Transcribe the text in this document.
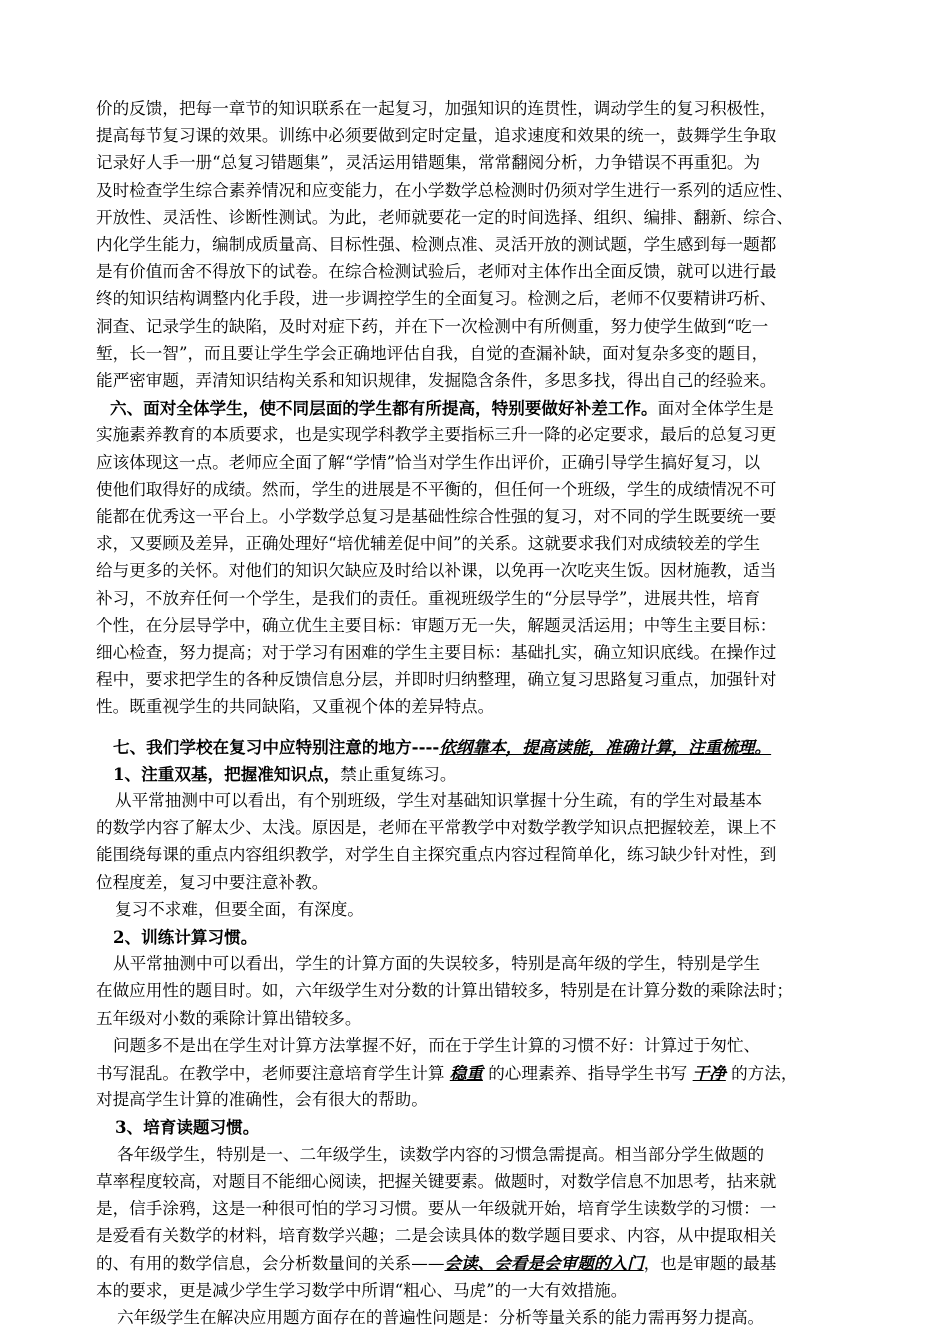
价的反馈，把每一章节的知识联系在一起复习，加强知识的连贯性，调动学生的复习积极性，
提高每节复习课的效果。训练中必须要做到定时定量，追求速度和效果的统一，鼓舞学生争取
记录好人手一册“总复习错题集”，灵活运用错题集，常常翻阅分析，力争错误不再重犯。为
及时检查学生综合素养情况和应变能力，在小学数学总检测时仍须对学生进行一系列的适应性、
开放性、灵活性、诊断性测试。为此，老师就要花一定的时间选择、组织、编排、翻新、综合、
内化学生能力，编制成质量高、目标性强、检测点准、灵活开放的测试题，学生感到每一题都
是有价值而舍不得放下的试卷。在综合检测试验后，老师对主体作出全面反馈，就可以进行最
终的知识结构调整内化手段，进一步调控学生的全面复习。检测之后，老师不仅要精讲巧析、
洞查、记录学生的缺陷，及时对症下药，并在下一次检测中有所侧重，努力使学生做到“吃一
堑，长一智”，而且要让学生学会正确地评估自我，自觉的查漏补缺，面对复杂多变的题目，
能严密审题，弄清知识结构关系和知识规律，发掘隐含条件，多思多找，得出自己的经验来。
六、面对全体学生，使不同层面的学生都有所提高，特别要做好补差工作。面对全体学生是
实施素养教育的本质要求，也是实现学科教学主要指标三升一降的必定要求，最后的总复习更
应该体现这一点。老师应全面了解“学情”恰当对学生作出评价，正确引导学生搞好复习，以
使他们取得好的成绩。然而，学生的进展是不平衡的，但任何一个班级，学生的成绩情况不可
能都在优秀这一平台上。小学数学总复习是基础性综合性强的复习，对不同的学生既要统一要
求，又要顾及差异，正确处理好“培优辅差促中间”的关系。这就要求我们对成绩较差的学生
给与更多的关怀。对他们的知识欠缺应及时给以补课，以免再一次吃夹生饭。因材施教，适当
补习，不放弃任何一个学生，是我们的责任。重视班级学生的“分层导学”，进展共性，培育
个性，在分层导学中，确立优生主要目标：审题万无一失，解题灵活运用；中等生主要目标：
细心检查，努力提高；对于学习有困难的学生主要目标：基础扎实，确立知识底线。在操作过
程中，要求把学生的各种反馈信息分层，并即时归纳整理，确立复习思路复习重点，加强针对
性。既重视学生的共同缺陷，又重视个体的差异特点。
七、我们学校在复习中应特别注意的地方----依纲靠本，提高读能，准确计算，注重梳理。
1、注重双基，把握准知识点，禁止重复练习。
从平常抽测中可以看出，有个别班级，学生对基础知识掌握十分生疏，有的学生对最基本
的数学内容了解太少、太浅。原因是，老师在平常教学中对数学教学知识点把握较差，课上不
能围绕每课的重点内容组织教学，对学生自主探究重点内容过程简单化，练习缺少针对性，到
位程度差，复习中要注意补教。
复习不求难，但要全面，有深度。
2、训练计算习惯。
从平常抽测中可以看出，学生的计算方面的失误较多，特别是高年级的学生，特别是学生
在做应用性的题目时。如，六年级学生对分数的计算出错较多，特别是在计算分数的乘除法时；
五年级对小数的乘除计算出错较多。
问题多不是出在学生对计算方法掌握不好，而在于学生计算的习惯不好：计算过于匆忙、
书写混乱。在教学中，老师要注意培育学生计算 稳重 的心理素养、指导学生书写 干净 的方法，
对提高学生计算的准确性，会有很大的帮助。
3、培育读题习惯。
各年级学生，特别是一、二年级学生，读数学内容的习惯急需提高。相当部分学生做题的
草率程度较高，对题目不能细心阅读，把握关键要素。做题时，对数学信息不加思考，拈来就
是，信手涂鸦，这是一种很可怕的学习习惯。要从一年级就开始，培育学生读数学的习惯：一
是爱看有关数学的材料，培育数学兴趣；二是会读具体的数学题目要求、内容，从中提取相关
的、有用的数学信息，会分析数量间的关系——会读、会看是会审题的入门，也是审题的最基
本的要求，更是减少学生学习数学中所谓“粗心、马虎”的一大有效措施。
六年级学生在解决应用题方面存在的普遍性问题是：分析等量关系的能力需再努力提高。
